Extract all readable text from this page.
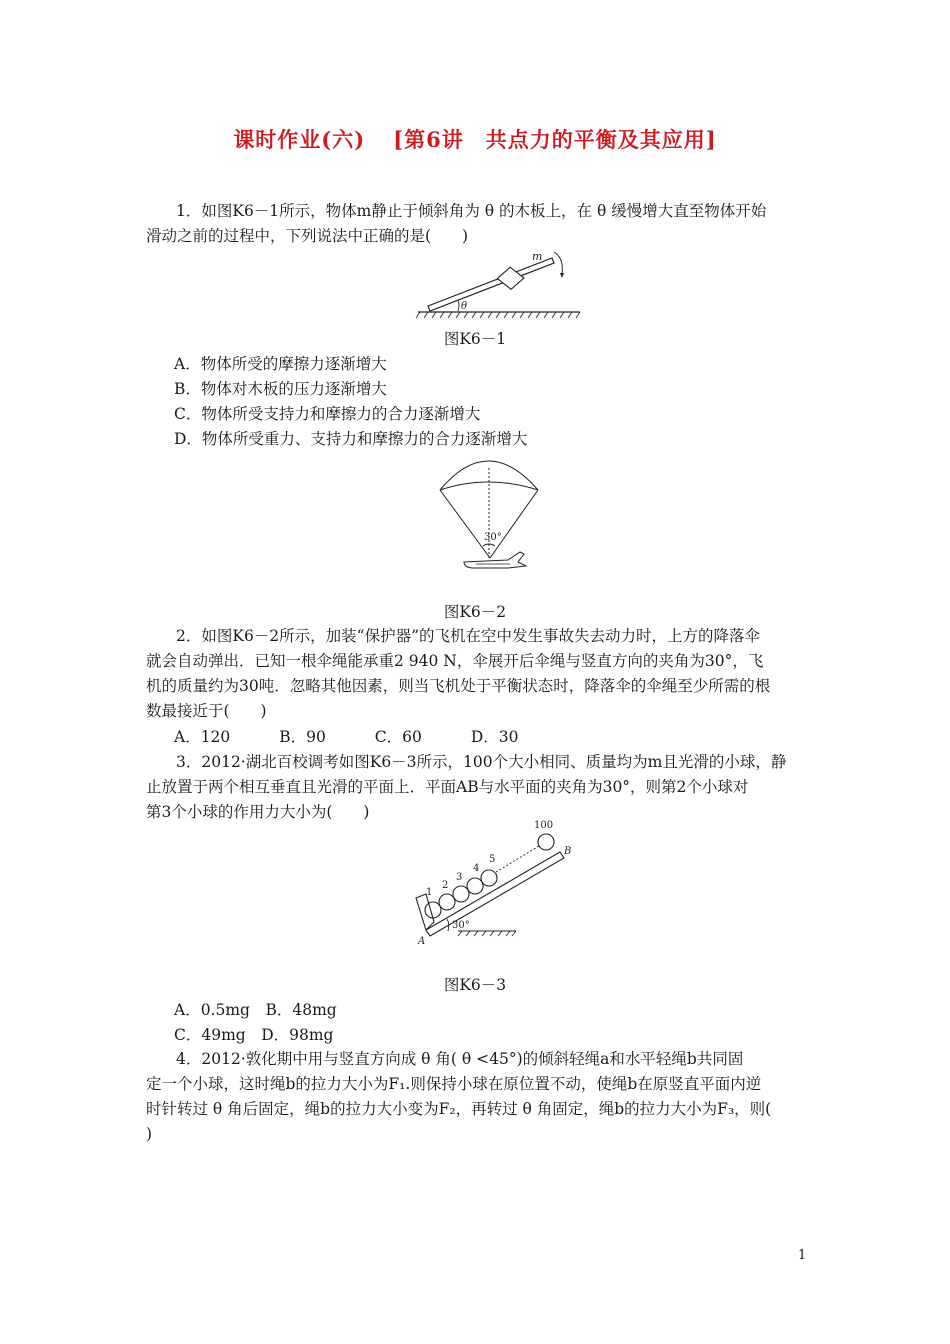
课时作业(六) [第6讲　共点力的平衡及其应用]
1．如图K6－1所示，物体m静止于倾斜角为 θ 的木板上，在 θ 缓慢增大直至物体开始
滑动之前的过程中，下列说法中正确的是(　　)
m
θ
图K6－1
A．物体所受的摩擦力逐渐增大
B．物体对木板的压力逐渐增大
C．物体所受支持力和摩擦力的合力逐渐增大
D．物体所受重力、支持力和摩擦力的合力逐渐增大
30°
图K6－2
2．如图K6－2所示，加装“保护器”的飞机在空中发生事故失去动力时，上方的降落伞
就会自动弹出．已知一根伞绳能承重2 940 N，伞展开后伞绳与竖直方向的夹角为30°，飞
机的质量约为30吨．忽略其他因素，则当飞机处于平衡状态时，降落伞的伞绳至少所需的根
数最接近于(　　)
A．120	B．90	C．60	D．30
3．2012·湖北百校调考如图K6－3所示，100个大小相同、质量均为m且光滑的小球，静
止放置于两个相互垂直且光滑的平面上．平面AB与水平面的夹角为30°，则第2个小球对
第3个小球的作用力大小为(　　)
1
2
3
4
5
100
B
A
30°
图K6－3
A．0.5mg　B．48mg
C．49mg　D．98mg
4．2012·敦化期中用与竖直方向成 θ 角( θ <45°)的倾斜轻绳a和水平轻绳b共同固
定一个小球，这时绳b的拉力大小为F₁.则保持小球在原位置不动，使绳b在原竖直平面内逆
时针转过 θ 角后固定，绳b的拉力大小变为F₂，再转过 θ 角固定，绳b的拉力大小为F₃，则(
)
1
